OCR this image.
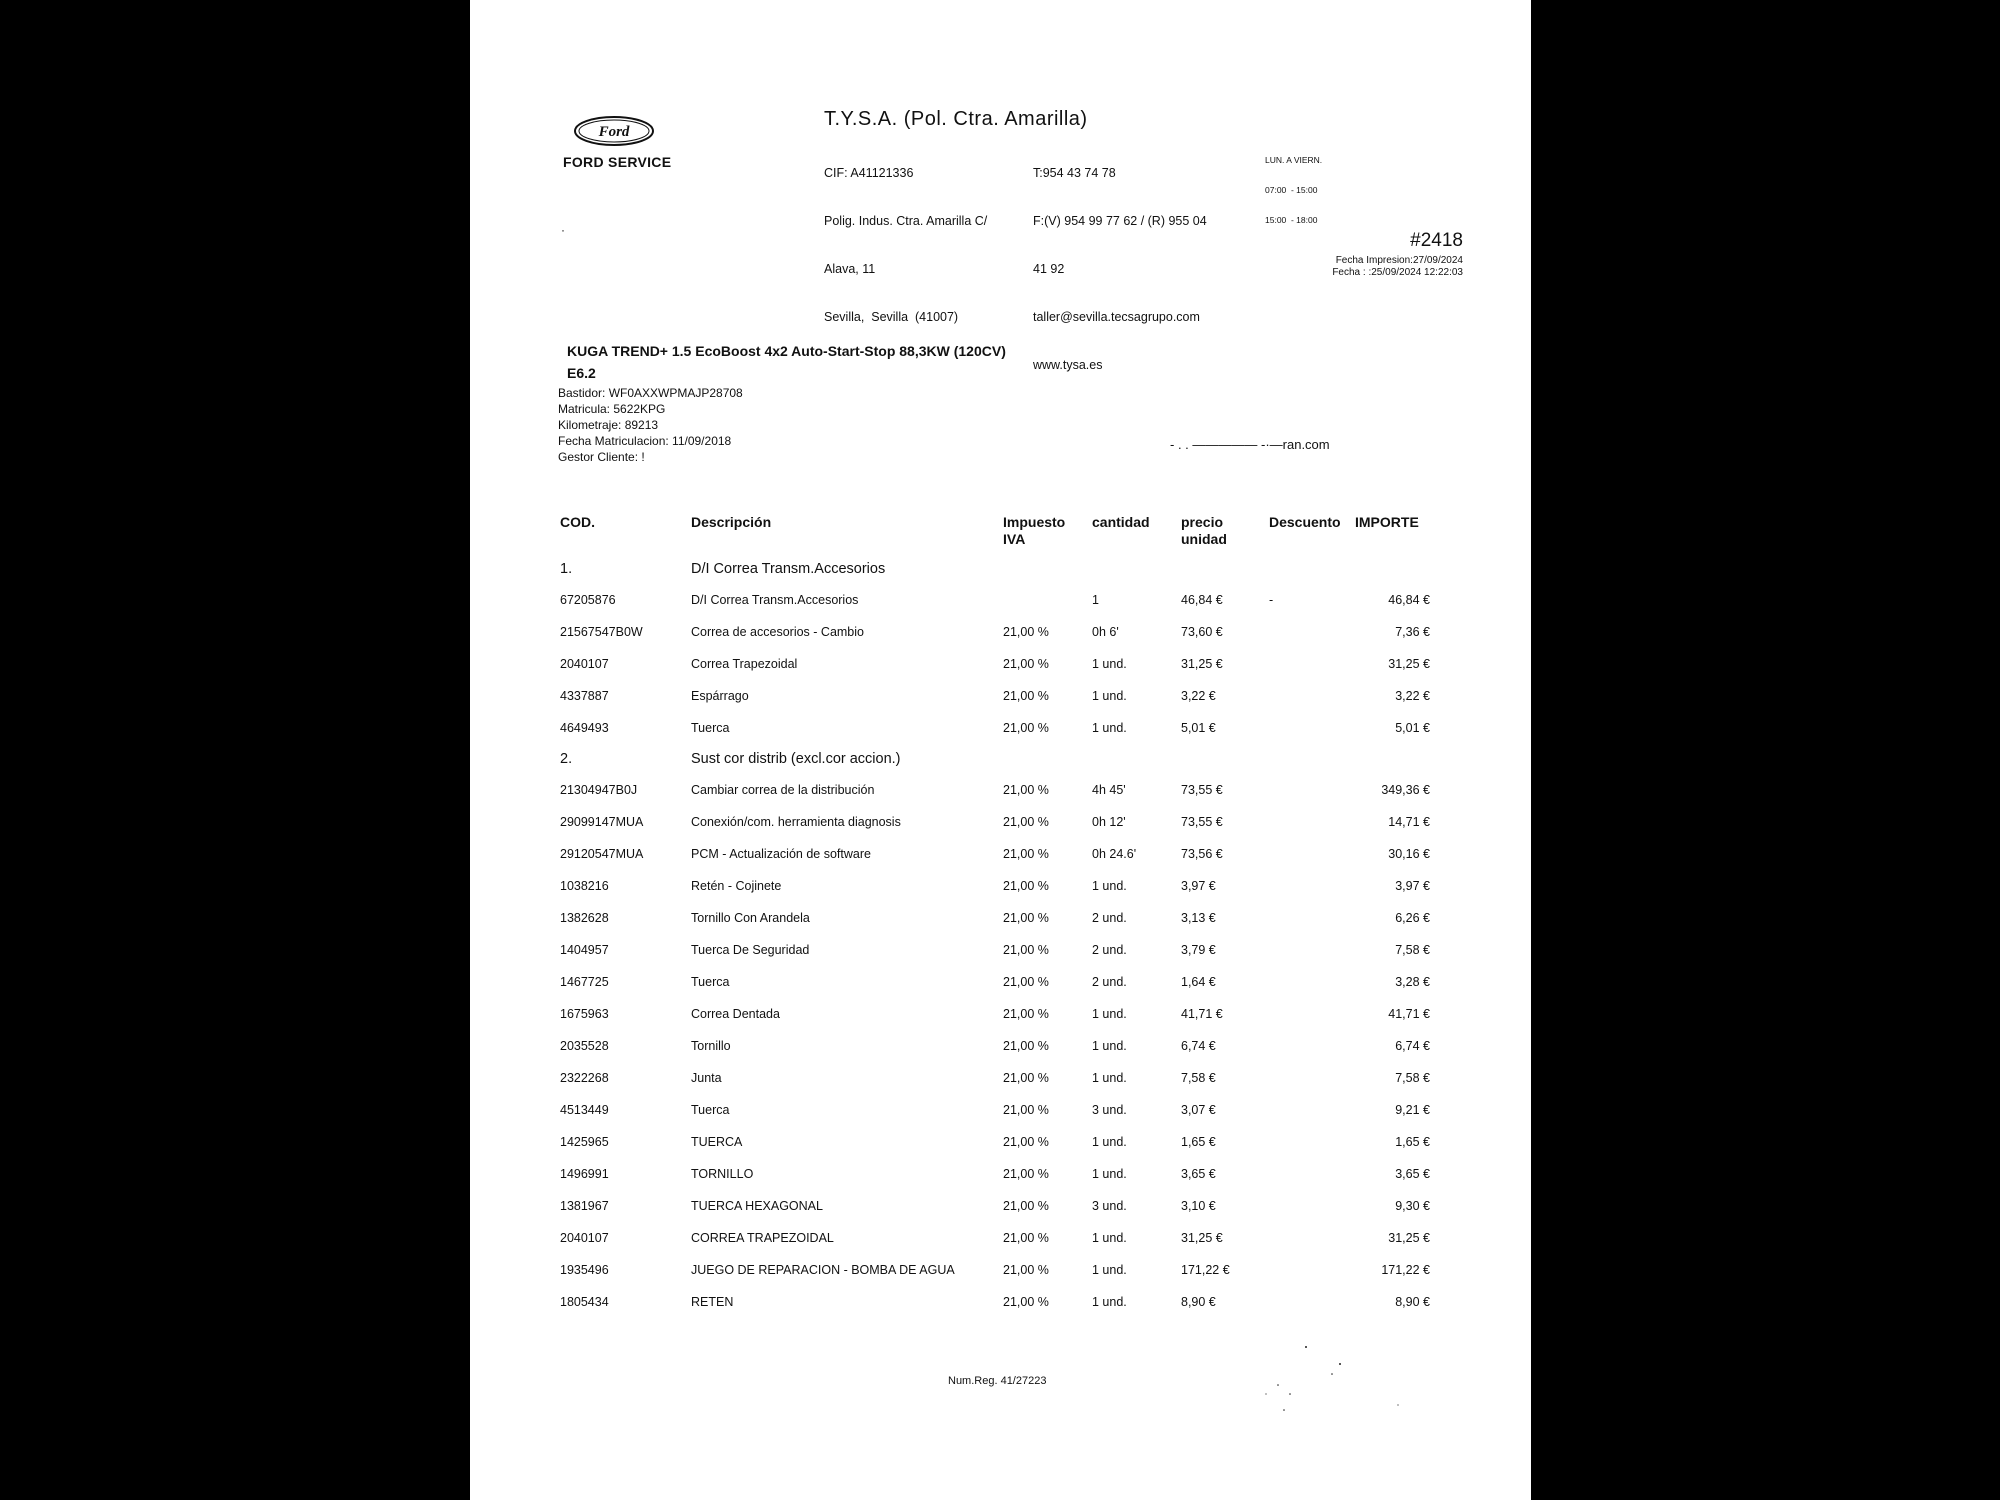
Ford
FORD SERVICE
T.Y.S.A. (Pol. Ctra. Amarilla)

CIF: A41121336

Polig. Indus. Ctra. Amarilla C/

Alava, 11

Sevilla,  Sevilla  (41007)

T:954 43 74 78

F:(V) 954 99 77 62 / (R) 955 04

41 92

taller@sevilla.tecsagrupo.com

www.tysa.es

LUN. A VIERN.

07:00  - 15:00

15:00  - 18:00

·	#2418
Fecha Impresion:27/09/2024
Fecha : :25/09/2024 12:22:03
KUGA TREND+ 1.5 EcoBoost 4x2 Auto-Start-Stop 88,3KW (120CV) E6.2
Bastidor: WF0AXXWPMAJP28708
Matricula: 5622KPG
Kilometraje: 89213
Fecha Matriculacion: 11/09/2018
Gestor Cliente: !
- . . ————— -·—ran.com
COD.	Descripción	Impuesto IVA	cantidad	precio unidad	Descuento	IMPORTE
1.	D/I Correa Transm.Accesorios					
67205876	D/I Correa Transm.Accesorios		1	46,84 €	-	46,84 €
21567547B0W	Correa de accesorios - Cambio	21,00 %	0h 6'	73,60 €		7,36 €
2040107	Correa Trapezoidal	21,00 %	1 und.	31,25 €		31,25 €
4337887	Espárrago	21,00 %	1 und.	3,22 €		3,22 €
4649493	Tuerca	21,00 %	1 und.	5,01 €		5,01 €
2.	Sust cor distrib (excl.cor accion.)					
21304947B0J	Cambiar correa de la distribución	21,00 %	4h 45'	73,55 €		349,36 €
29099147MUA	Conexión/com. herramienta diagnosis	21,00 %	0h 12'	73,55 €		14,71 €
29120547MUA	PCM - Actualización de software	21,00 %	0h 24.6'	73,56 €		30,16 €
1038216	Retén - Cojinete	21,00 %	1 und.	3,97 €		3,97 €
1382628	Tornillo Con Arandela	21,00 %	2 und.	3,13 €		6,26 €
1404957	Tuerca De Seguridad	21,00 %	2 und.	3,79 €		7,58 €
1467725	Tuerca	21,00 %	2 und.	1,64 €		3,28 €
1675963	Correa Dentada	21,00 %	1 und.	41,71 €		41,71 €
2035528	Tornillo	21,00 %	1 und.	6,74 €		6,74 €
2322268	Junta	21,00 %	1 und.	7,58 €		7,58 €
4513449	Tuerca	21,00 %	3 und.	3,07 €		9,21 €
1425965	TUERCA	21,00 %	1 und.	1,65 €		1,65 €
1496991	TORNILLO	21,00 %	1 und.	3,65 €		3,65 €
1381967	TUERCA HEXAGONAL	21,00 %	3 und.	3,10 €		9,30 €
2040107	CORREA TRAPEZOIDAL	21,00 %	1 und.	31,25 €		31,25 €
1935496	JUEGO DE REPARACION - BOMBA DE AGUA	21,00 %	1 und.	171,22 €		171,22 €
1805434	RETEN	21,00 %	1 und.	8,90 €		8,90 €
Num.Reg. 41/27223
